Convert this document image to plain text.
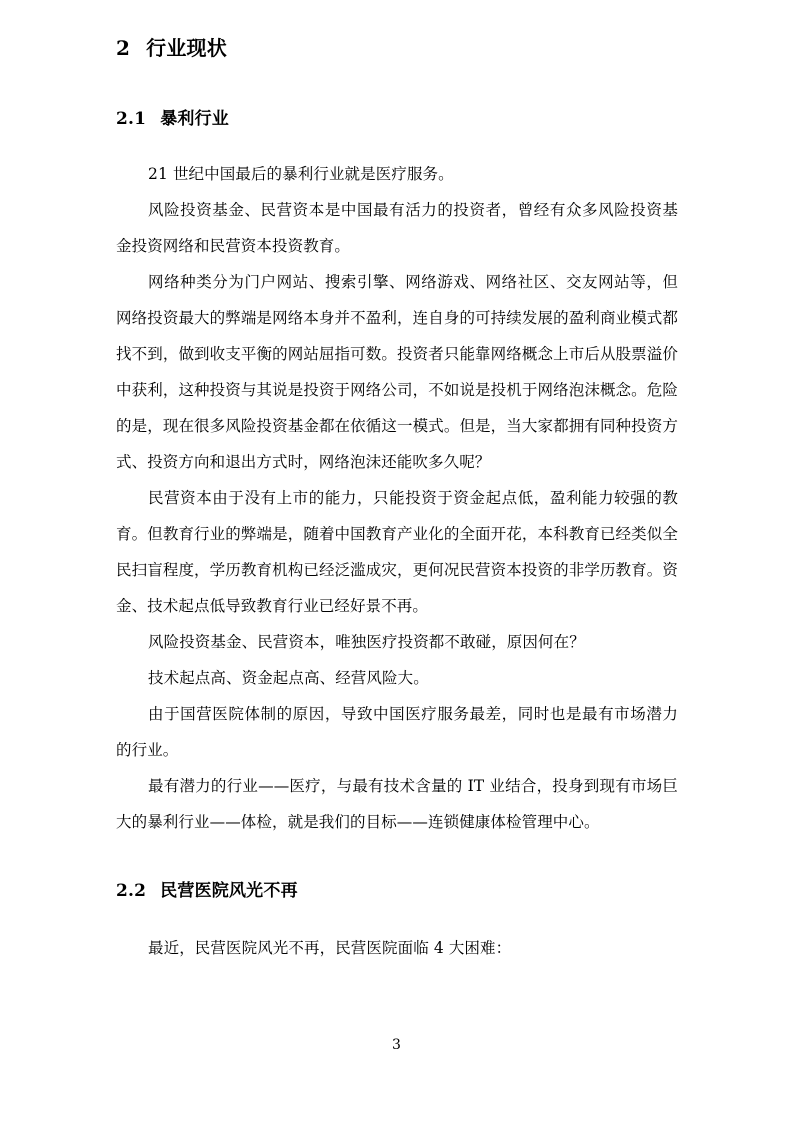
2 行业现状
2.1 暴利行业

21 世纪中国最后的暴利行业就是医疗服务。

风险投资基金、民营资本是中国最有活力的投资者，曾经有众多风险投资基金投资网络和民营资本投资教育。

网络种类分为门户网站、搜索引擎、网络游戏、网络社区、交友网站等，但网络投资最大的弊端是网络本身并不盈利，连自身的可持续发展的盈利商业模式都找不到，做到收支平衡的网站屈指可数。投资者只能靠网络概念上市后从股票溢价中获利，这种投资与其说是投资于网络公司，不如说是投机于网络泡沫概念。危险的是，现在很多风险投资基金都在依循这一模式。但是，当大家都拥有同种投资方式、投资方向和退出方式时，网络泡沫还能吹多久呢？

民营资本由于没有上市的能力，只能投资于资金起点低，盈利能力较强的教育。但教育行业的弊端是，随着中国教育产业化的全面开花，本科教育已经类似全民扫盲程度，学历教育机构已经泛滥成灾，更何况民营资本投资的非学历教育。资金、技术起点低导致教育行业已经好景不再。

风险投资基金、民营资本，唯独医疗投资都不敢碰，原因何在？

技术起点高、资金起点高、经营风险大。

由于国营医院体制的原因，导致中国医疗服务最差，同时也是最有市场潜力的行业。

最有潜力的行业——医疗，与最有技术含量的 IT 业结合，投身到现有市场巨大的暴利行业——体检，就是我们的目标——连锁健康体检管理中心。

2.2 民营医院风光不再

最近，民营医院风光不再，民营医院面临 4 大困难：

3
